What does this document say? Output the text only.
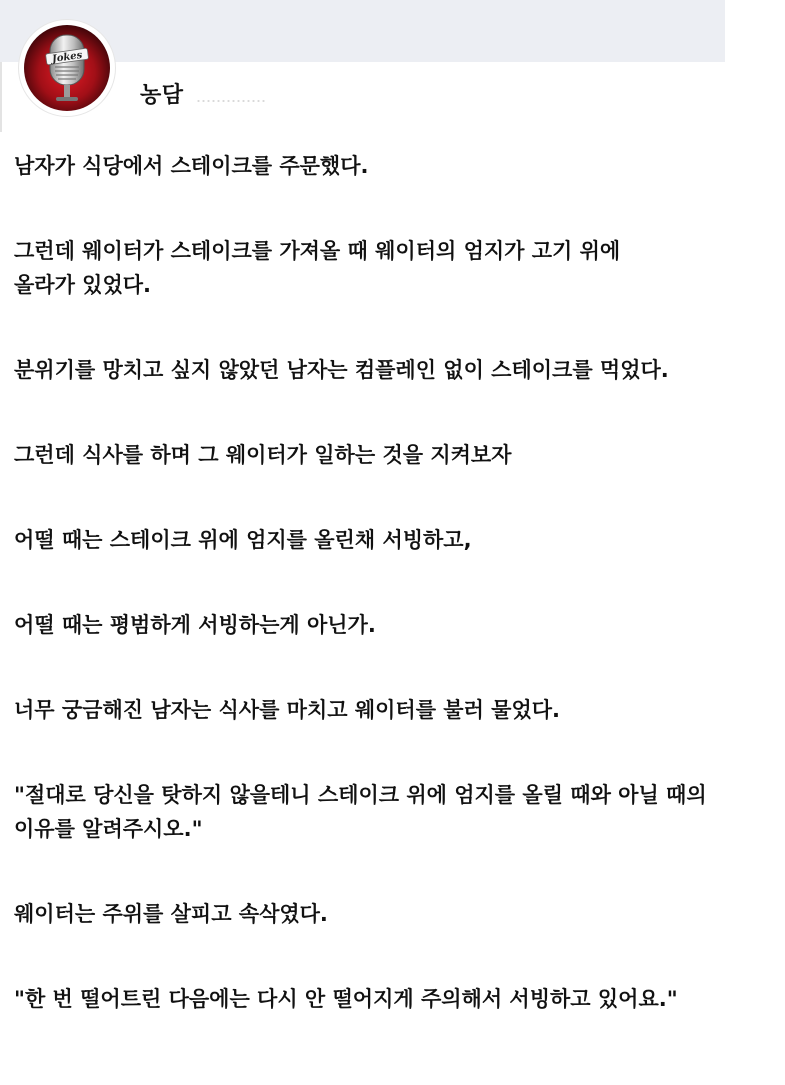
Jokes
농담

남자가 식당에서 스테이크를 주문했다.

그런데 웨이터가 스테이크를 가져올 때 웨이터의 엄지가 고기 위에

올라가 있었다.

분위기를 망치고 싶지 않았던 남자는 컴플레인 없이 스테이크를 먹었다.

그런데 식사를 하며 그 웨이터가 일하는 것을 지켜보자

어떨 때는 스테이크 위에 엄지를 올린채 서빙하고,

어떨 때는 평범하게 서빙하는게 아닌가.

너무 궁금해진 남자는 식사를 마치고 웨이터를 불러 물었다.

"절대로 당신을 탓하지 않을테니 스테이크 위에 엄지를 올릴 때와 아닐 때의

이유를 알려주시오."

웨이터는 주위를 살피고 속삭였다.

"한 번 떨어트린 다음에는 다시 안 떨어지게 주의해서 서빙하고 있어요."
